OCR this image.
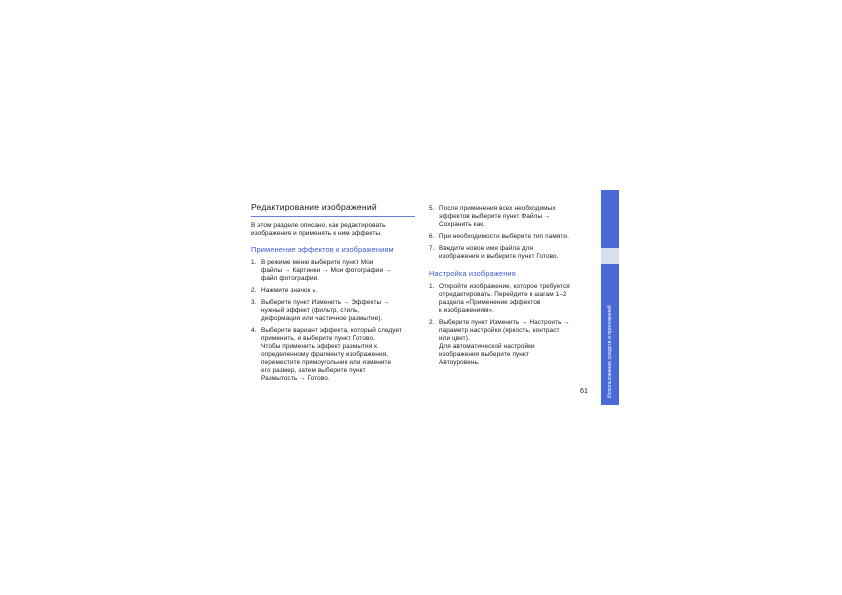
Редактирование изображений

В этом разделе описано, как редактировать
изображения и применять к ним эффекты.

Применение эффектов к изображениям
1. В режиме меню выберите пункт Мои
файлы → Картинки → Мои фотографии →
файл фотографии.
2. Нажмите значок 𝓻.
3. Выберите пункт Изменить → Эффекты →
нужный эффект (фильтр, стиль,
деформация или частичное размытие).
4. Выберите вариант эффекта, который следует
применить, и выберите пункт Готово.
Чтобы применить эффект размытия к
определенному фрагменту изображения,
переместите прямоугольник или измените
его размер, затем выберите пункт
Размытость → Готово.
5. После применения всех необходимых
эффектов выберите пункт Файлы →
Сохранить как.
6. При необходимости выберите тип памяти.
7. Введите новое имя файла для
изображения и выберите пункт Готово.
Настройка изображения
1. Откройте изображение, которое требуется
отредактировать. Перейдите к шагам 1–2
раздела «Применение эффектов
к изображениям».
2. Выберите пункт Изменить → Настроить →
параметр настройки (яркость, контраст
или цвет).
Для автоматической настройки
изображения выберите пункт
Автоуровень.
61	Использование средств и приложений
